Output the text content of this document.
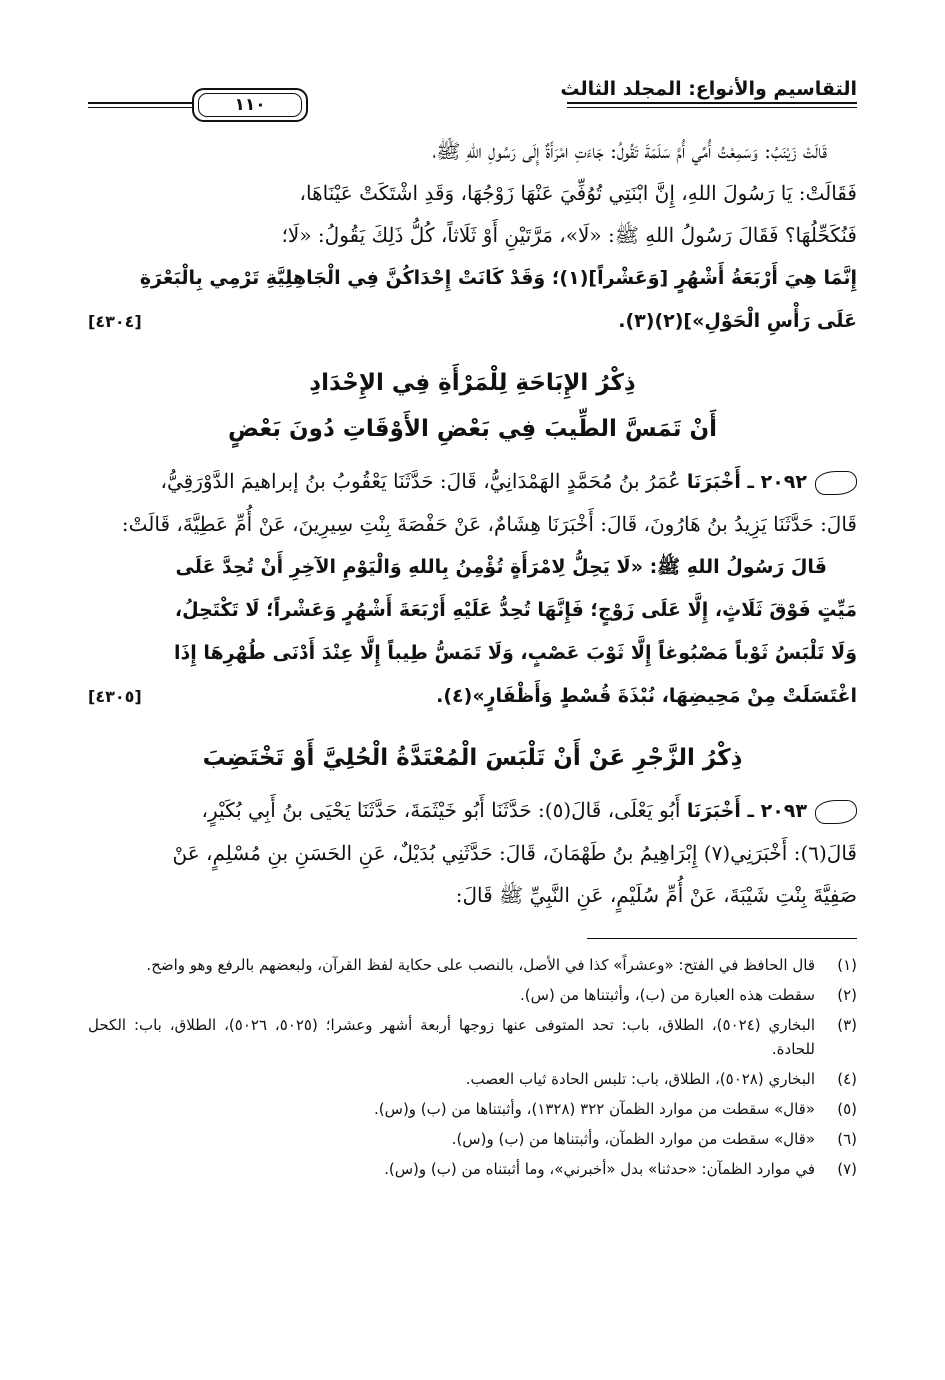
التقاسيم والأنواع: المجلد الثالث
١١٠

قَالَتْ زَيْنَبُ: وَسَمِعْتُ أُمِّي أُمَّ سَلَمَةَ تَقُولُ: جَاءَتِ امْرَأَةٌ إِلَى رَسُولِ اللهِ ﷺ،

فَقَالَتْ: يَا رَسُولَ اللهِ، إِنَّ ابْنَتِي تُوُفِّيَ عَنْهَا زَوْجُهَا، وَقَدِ اشْتَكَتْ عَيْنَاهَا،

فَنُكَحِّلُهَا؟ فَقَالَ رَسُولُ اللهِ ﷺ: «لَا»، مَرَّتَيْنِ أَوْ ثَلَاثاً، كُلُّ ذَلِكَ يَقُولُ: «لَا؛

إِنَّمَا هِيَ أَرْبَعَةُ أَشْهُرٍ [وَعَشْراً](١)؛ وَقَدْ كَانَتْ إِحْدَاكُنَّ فِي الْجَاهِلِيَّةِ تَرْمِي بِالْبَعْرَةِ

عَلَى رَأْسِ الْحَوْلِ»](٢)(٣).
[٤٣٠٤]

ذِكْرُ الإِبَاحَةِ لِلْمَرْأَةِ فِي الإِحْدَادِ

أَنْ تَمَسَّ الطِّيبَ فِي بَعْضِ الأَوْقَاتِ دُونَ بَعْضٍ

٢٠٩٢ ـ أَخْبَرَنَا عُمَرُ بنُ مُحَمَّدٍ الهَمْدَانِيُّ، قَالَ: حَدَّثَنَا يَعْقُوبُ بنُ إبراهيمَ الدَّوْرَقِيُّ،

قَالَ: حَدَّثَنَا يَزِيدُ بنُ هَارُونَ، قَالَ: أَخْبَرَنَا هِشَامٌ، عَنْ حَفْصَةَ بِنْتِ سِيرِينَ، عَنْ أُمِّ عَطِيَّةَ، قَالَتْ:

قَالَ رَسُولُ اللهِ ﷺ: «لَا يَحِلُّ لِامْرَأَةٍ تُؤْمِنُ بِاللهِ وَالْيَوْمِ الآخِرِ أَنْ تُحِدَّ عَلَى

مَيِّتٍ فَوْقَ ثَلَاثٍ، إِلَّا عَلَى زَوْجٍ؛ فَإِنَّهَا تُحِدُّ عَلَيْهِ أَرْبَعَةَ أَشْهُرٍ وَعَشْراً؛ لَا تَكْتَحِلُ،

وَلَا تَلْبَسُ ثَوْباً مَصْبُوغاً إِلَّا ثَوْبَ عَصْبٍ، وَلَا تَمَسُّ طِيباً إِلَّا عِنْدَ أَدْنَى طُهْرِهَا إِذَا

اغْتَسَلَتْ مِنْ مَحِيضِهَا، نُبْذَةَ قُسْطٍ وَأَظْفَارٍ»(٤).
[٤٣٠٥]

ذِكْرُ الزَّجْرِ عَنْ أَنْ تَلْبَسَ الْمُعْتَدَّةُ الْحُلِيَّ أَوْ تَخْتَضِبَ

٢٠٩٣ ـ أَخْبَرَنَا أَبُو يَعْلَى، قَالَ(٥): حَدَّثَنَا أَبُو خَيْثَمَةَ، حَدَّثَنَا يَحْيَى بنُ أَبِي بُكَيْرٍ،

قَالَ(٦): أَخْبَرَنِي(٧) إِبْرَاهِيمُ بنُ طَهْمَانَ، قَالَ: حَدَّثَنِي بُدَيْلٌ، عَنِ الحَسَنِ بنِ مُسْلِمٍ، عَنْ

صَفِيَّةَ بِنْتِ شَيْبَةَ، عَنْ أُمِّ سُلَيْمٍ، عَنِ النَّبِيِّ ﷺ قَالَ:

(١)
قال الحافظ في الفتح: «وعشراً» كذا في الأصل، بالنصب على حكاية لفظ القرآن، ولبعضهم بالرفع وهو واضح.
(٢)
سقطت هذه العبارة من (ب)، وأثبتناها من (س).
(٣)
البخاري (٥٠٢٤)، الطلاق، باب: تحد المتوفى عنها زوجها أربعة أشهر وعشرا؛ (٥٠٢٥، ٥٠٢٦)، الطلاق، باب: الكحل للحادة.
(٤)
البخاري (٥٠٢٨)، الطلاق، باب: تلبس الحادة ثياب العصب.
(٥)
«قال» سقطت من موارد الظمآن ٣٢٢ (١٣٢٨)، وأثبتناها من (ب) و(س).
(٦)
«قال» سقطت من موارد الظمآن، وأثبتناها من (ب) و(س).
(٧)
في موارد الظمآن: «حدثنا» بدل «أخبرني»، وما أثبتناه من (ب) و(س).
